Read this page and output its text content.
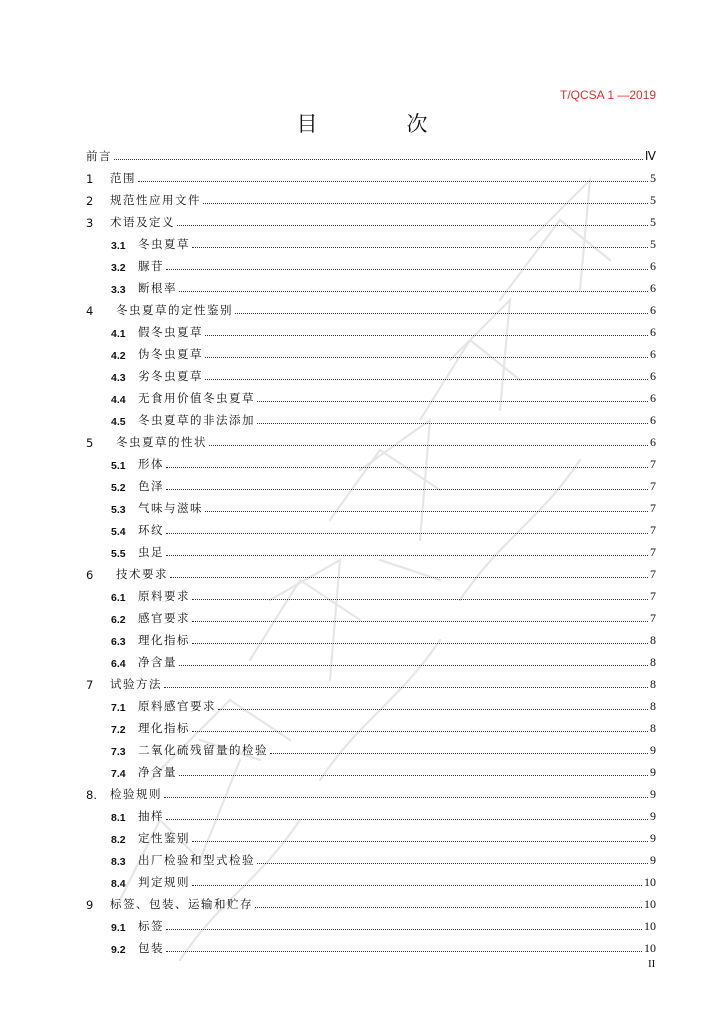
T/QCSA 1 —2019
目　次
前言	Ⅳ
1	范围	5
2	规范性应用文件	5
3	术语及定义	5
3.1	冬虫夏草	5
3.2	脲苷	6
3.3	断根率	6
4	冬虫夏草的定性鉴别	6
4.1	假冬虫夏草	6
4.2	伪冬虫夏草	6
4.3	劣冬虫夏草	6
4.4	无食用价值冬虫夏草	6
4.5	冬虫夏草的非法添加	6
5	冬虫夏草的性状	6
5.1	形体	7
5.2	色泽	7
5.3	气味与滋味	7
5.4	环纹	7
5.5	虫足	7
6	技术要求	7
6.1	原料要求	7
6.2	感官要求	7
6.3	理化指标	8
6.4	净含量	8
7	试验方法	8
7.1	原料感官要求	8
7.2	理化指标	8
7.3	二氧化硫残留量的检验	9
7.4	净含量	9
8.	检验规则	9
8.1	抽样	9
8.2	定性鉴别	9
8.3	出厂检验和型式检验	9
8.4	判定规则	10
9	标签、包装、运输和贮存	10
9.1	标签	10
9.2	包装	10
II
